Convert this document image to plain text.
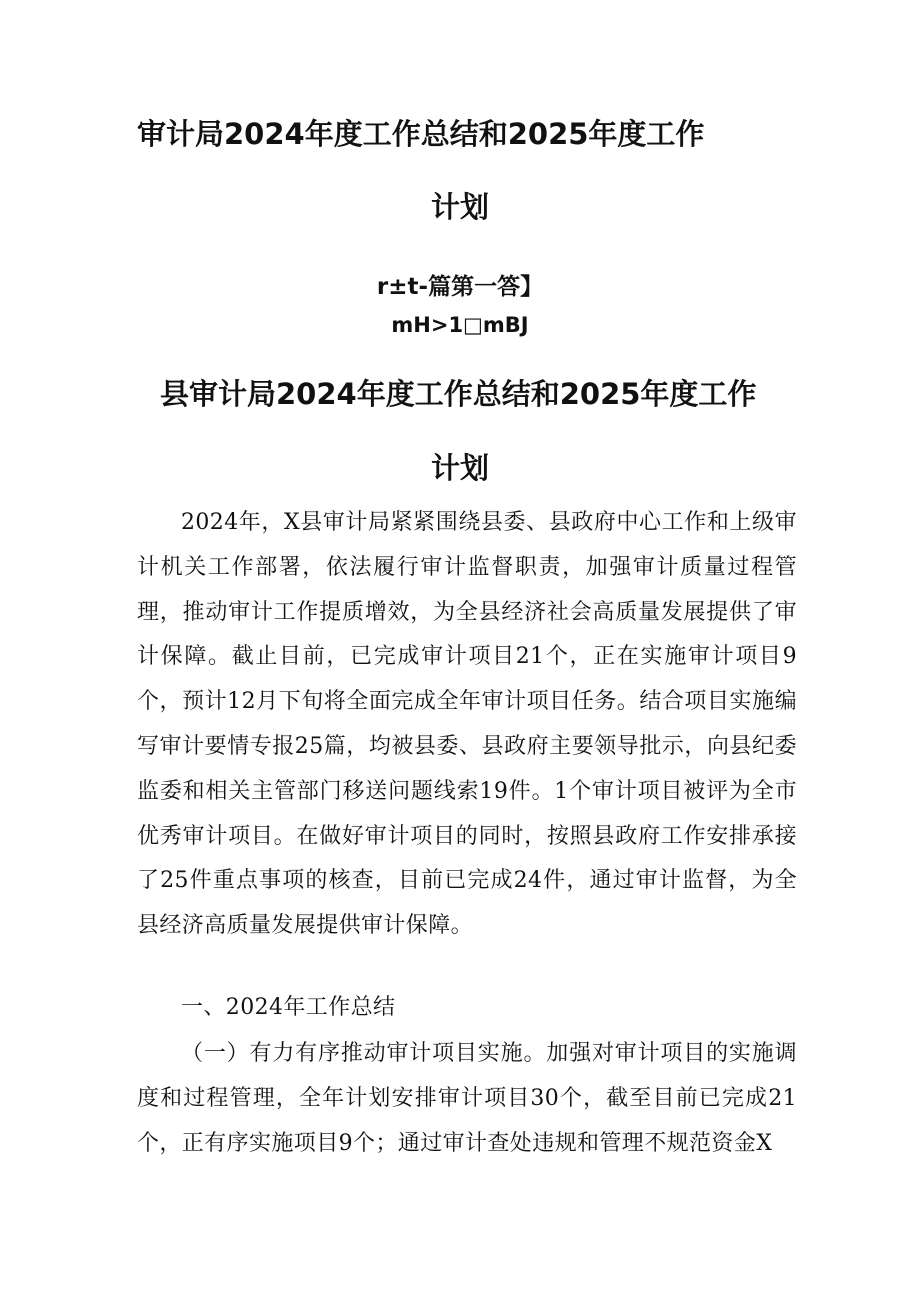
审计局2024年度工作总结和2025年度工作
计划
r±t-篇第一答】
mH>1□mBJ
县审计局2024年度工作总结和2025年度工作
计划

2024年，X县审计局紧紧围绕县委、县政府中心工作和上级审计机关工作部署，依法履行审计监督职责，加强审计质量过程管理，推动审计工作提质增效，为全县经济社会高质量发展提供了审计保障。截止目前，已完成审计项目21个，正在实施审计项目9个，预计12月下旬将全面完成全年审计项目任务。结合项目实施编写审计要情专报25篇，均被县委、县政府主要领导批示，向县纪委监委和相关主管部门移送问题线索19件。1个审计项目被评为全市优秀审计项目。在做好审计项目的同时，按照县政府工作安排承接了25件重点事项的核查，目前已完成24件，通过审计监督，为全县经济高质量发展提供审计保障。

一、2024年工作总结

（一）有力有序推动审计项目实施。加强对审计项目的实施调度和过程管理，全年计划安排审计项目30个，截至目前已完成21个，正有序实施项目9个；通过审计查处违规和管理不规范资金X
